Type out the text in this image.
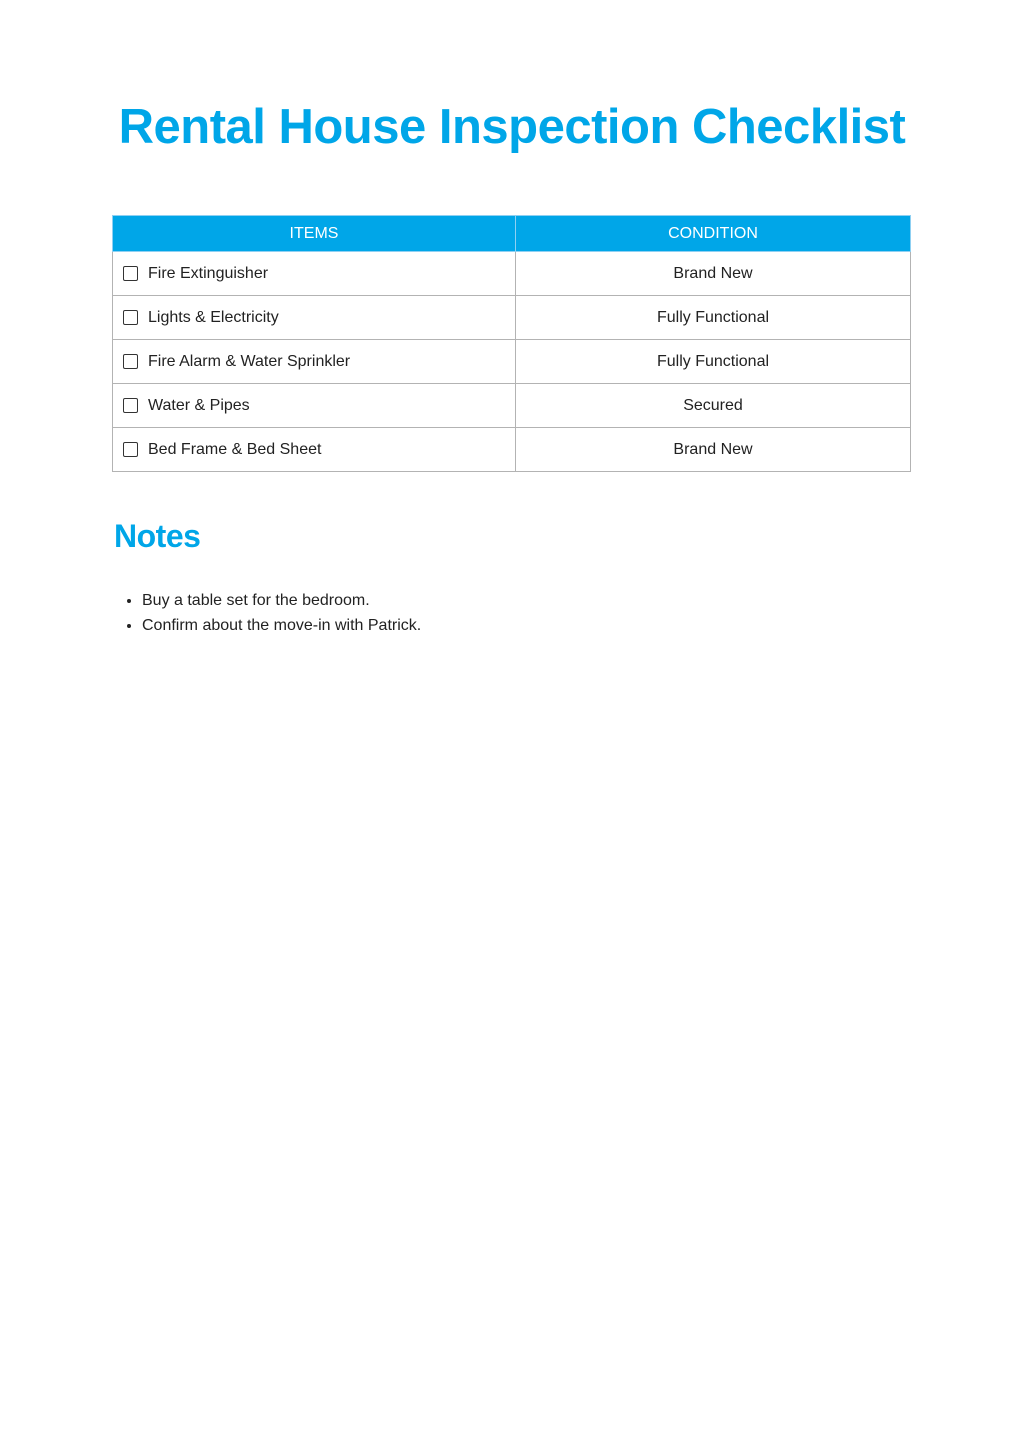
Rental House Inspection Checklist
ITEMS	CONDITION

Fire Extinguisher	Brand New

Lights & Electricity	Fully Functional

Fire Alarm & Water Sprinkler	Fully Functional

Water & Pipes	Secured

Bed Frame & Bed Sheet	Brand New
Notes
• Buy a table set for the bedroom.
• Confirm about the move-in with Patrick.
